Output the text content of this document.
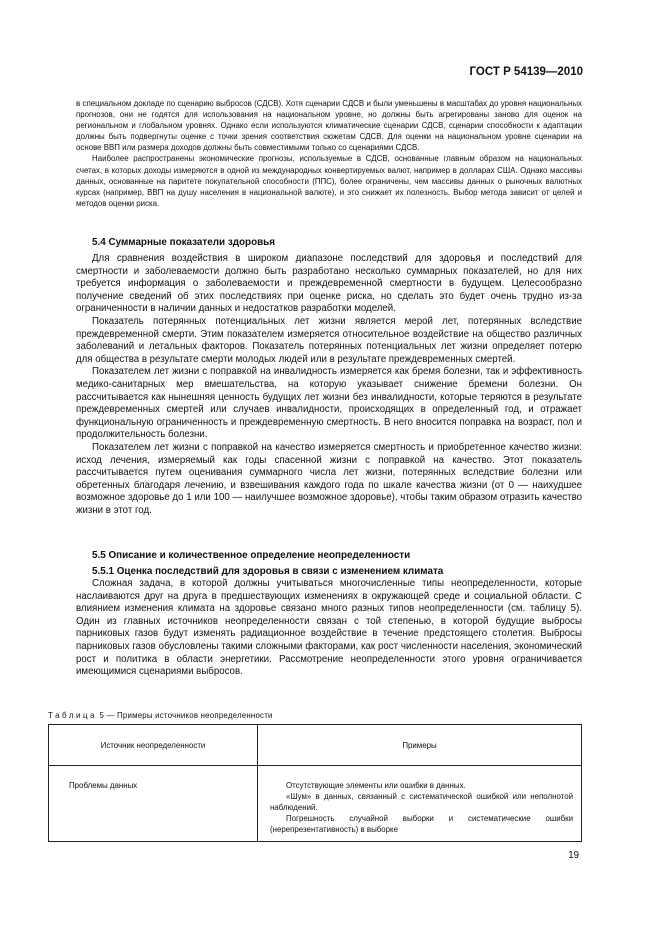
ГОСТ Р 54139—2010

в специальном докладе по сценарию выбросов (СДСВ). Хотя сценарии СДСВ и были уменьшены в масштабах до уровня национальных прогнозов, они не годятся для использования на национальном уровне, но должны быть агрегированы заново для оценок на региональном и глобальном уровнях. Однако если используются климатические сценарии СДСВ, сценарии способности к адаптации должны быть подвергнуты оценке с точки зрения соответствия сюжетам СДСВ. Для оценки на национальном уровне сценарии на основе ВВП или размера доходов должны быть совместимыми только со сценариями СДСВ.

Наиболее распространены экономические прогнозы, используемые в СДСВ, основанные главным образом на национальных счетах, в которых доходы измеряются в одной из международных конвертируемых валют, например в долларах США. Однако массивы данных, основанные на паритете покупательной способности (ППС), более ограничены, чем массивы данных о рыночных валютных курсах (например, ВВП на душу населения в национальной валюте), и это снижает их полезность. Выбор метода зависит от целей и методов оценки риска.

5.4 Суммарные показатели здоровья

Для сравнения воздействия в широком диапазоне последствий для здоровья и последствий для смертности и заболеваемости должно быть разработано несколько суммарных показателей, но для них требуется информация о заболеваемости и преждевременной смертности в будущем. Целесообразно получение сведений об этих последствиях при оценке риска, но сделать это будет очень трудно из-за ограниченности в наличии данных и недостатков разработки моделей.

Показатель потерянных потенциальных лет жизни является мерой лет, потерянных вследствие преждевременной смерти. Этим показателем измеряется относительное воздействие на общество различных заболеваний и летальных факторов. Показатель потерянных потенциальных лет жизни определяет потерю для общества в результате смерти молодых людей или в результате преждевременных смертей.

Показателем лет жизни с поправкой на инвалидность измеряется как бремя болезни, так и эффективность медико-санитарных мер вмешательства, на которую указывает снижение бремени болезни. Он рассчитывается как нынешняя ценность будущих лет жизни без инвалидности, которые теряются в результате преждевременных смертей или случаев инвалидности, происходящих в определенный год, и отражает функциональную ограниченность и преждевременную смертность. В него вносится поправка на возраст, пол и продолжительность болезни.

Показателем лет жизни с поправкой на качество измеряется смертность и приобретенное качество жизни: исход лечения, измеряемый как годы спасенной жизни с поправкой на качество. Этот показатель рассчитывается путем оценивания суммарного числа лет жизни, потерянных вследствие болезни или обретенных благодаря лечению, и взвешивания каждого года по шкале качества жизни (от 0 — наихудшее возможное здоровье до 1 или 100 — наилучшее возможное здоровье), чтобы таким образом отразить качество жизни в этот год.

5.5 Описание и количественное определение неопределенности
5.5.1 Оценка последствий для здоровья в связи с изменением климата

Сложная задача, в которой должны учитываться многочисленные типы неопределенности, которые наслаиваются друг на друга в предшествующих изменениях в окружающей среде и социальной области. С влиянием изменения климата на здоровье связано много разных типов неопределенности (см. таблицу 5). Один из главных источников неопределенности связан с той степенью, в которой будущие выбросы парниковых газов будут изменять радиационное воздействие в течение предстоящего столетия. Выбросы парниковых газов обусловлены такими сложными факторами, как рост численности населения, экономический рост и политика в области энергетики. Рассмотрение неопределенности этого уровня ограничивается имеющимися сценариями выбросов.

Таблица 5 — Примеры источников неопределенности
Источник неопределенности	Примеры
Проблемы данных	Отсутствующие элементы или ошибки в данных.
«Шум» в данных, связанный с систематической ошибкой или неполнотой наблюдений.
Погрешность случайной выборки и систематические ошибки (нерепрезентативность) в выборке
19
